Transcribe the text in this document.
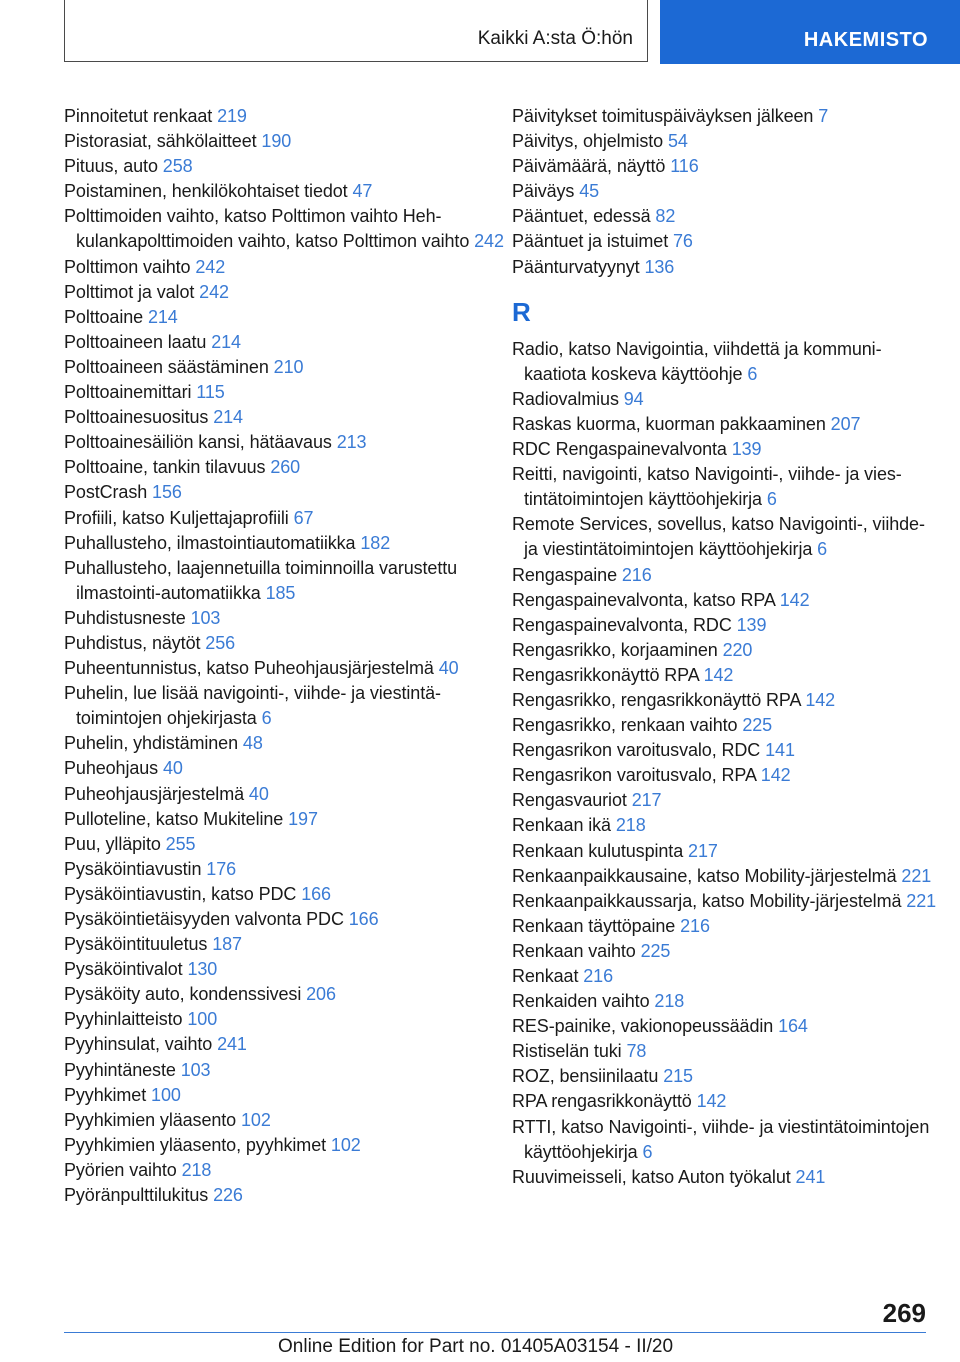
Kaikki A:sta Ö:hön	HAKEMISTO
Pinnoitetut renkaat 219
Pistorasiat, sähkölaitteet 190
Pituus, auto 258
Poistaminen, henkilökohtaiset tiedot 47
Polttimoiden vaihto, katso Polttimon vaihto Hehkulankapolttimoiden vaihto, katso Polttimon vaihto 242
Polttimon vaihto 242
Polttimot ja valot 242
Polttoaine 214
Polttoaineen laatu 214
Polttoaineen säästäminen 210
Polttoainemittari 115
Polttoainesuositus 214
Polttoainesäiliön kansi, hätäavaus 213
Polttoaine, tankin tilavuus 260
PostCrash 156
Profiili, katso Kuljettajaprofiili 67
Puhallusteho, ilmastointiautomatiikka 182
Puhallusteho, laajennetuilla toiminnoilla varustettu ilmastointi-automatiikka 185
Puhdistusneste 103
Puhdistus, näytöt 256
Puheentunnistus, katso Puheohjausjärjestelmä 40
Puhelin, lue lisää navigointi-, viihde- ja viestintätoimintojen ohjekirjasta 6
Puhelin, yhdistäminen 48
Puheohjaus 40
Puheohjausjärjestelmä 40
Pulloteline, katso Mukiteline 197
Puu, ylläpito 255
Pysäköintiavustin 176
Pysäköintiavustin, katso PDC 166
Pysäköintietäisyyden valvonta PDC 166
Pysäköintituuletus 187
Pysäköintivalot 130
Pysäköity auto, kondenssivesi 206
Pyyhinlaitteisto 100
Pyyhinsulat, vaihto 241
Pyyhintäneste 103
Pyyhkimet 100
Pyyhkimien yläasento 102
Pyyhkimien yläasento, pyyhkimet 102
Pyörien vaihto 218
Pyöränpulttilukitus 226
Päivitykset toimituspäiväyksen jälkeen 7
Päivitys, ohjelmisto 54
Päivämäärä, näyttö 116
Päiväys 45
Pääntuet, edessä 82
Pääntuet ja istuimet 76
Päänturvatyynyt 136
R
Radio, katso Navigointia, viihdettä ja kommunikaatiota koskeva käyttöohje 6
Radiovalmius 94
Raskas kuorma, kuorman pakkaaminen 207
RDC Rengaspainevalvonta 139
Reitti, navigointi, katso Navigointi-, viihde- ja viestintätoimintojen käyttöohjekirja 6
Remote Services, sovellus, katso Navigointi-, viihde- ja viestintätoimintojen käyttöohjekirja 6
Rengaspaine 216
Rengaspainevalvonta, katso RPA 142
Rengaspainevalvonta, RDC 139
Rengasrikko, korjaaminen 220
Rengasrikkonäyttö RPA 142
Rengasrikko, rengasrikkonäyttö RPA 142
Rengasrikko, renkaan vaihto 225
Rengasrikon varoitusvalo, RDC 141
Rengasrikon varoitusvalo, RPA 142
Rengasvauriot 217
Renkaan ikä 218
Renkaan kulutuspinta 217
Renkaanpaikkausaine, katso Mobility-järjestelmä 221
Renkaanpaikkaussarja, katso Mobility-järjestelmä 221
Renkaan täyttöpaine 216
Renkaan vaihto 225
Renkaat 216
Renkaiden vaihto 218
RES-painike, vakionopeussäädin 164
Ristiselän tuki 78
ROZ, bensiinilaatu 215
RPA rengasrikkonäyttö 142
RTTI, katso Navigointi-, viihde- ja viestintätoimintojen käyttöohjekirja 6
Ruuvimeisseli, katso Auton työkalut 241
269
Online Edition for Part no. 01405A03154 - II/20
